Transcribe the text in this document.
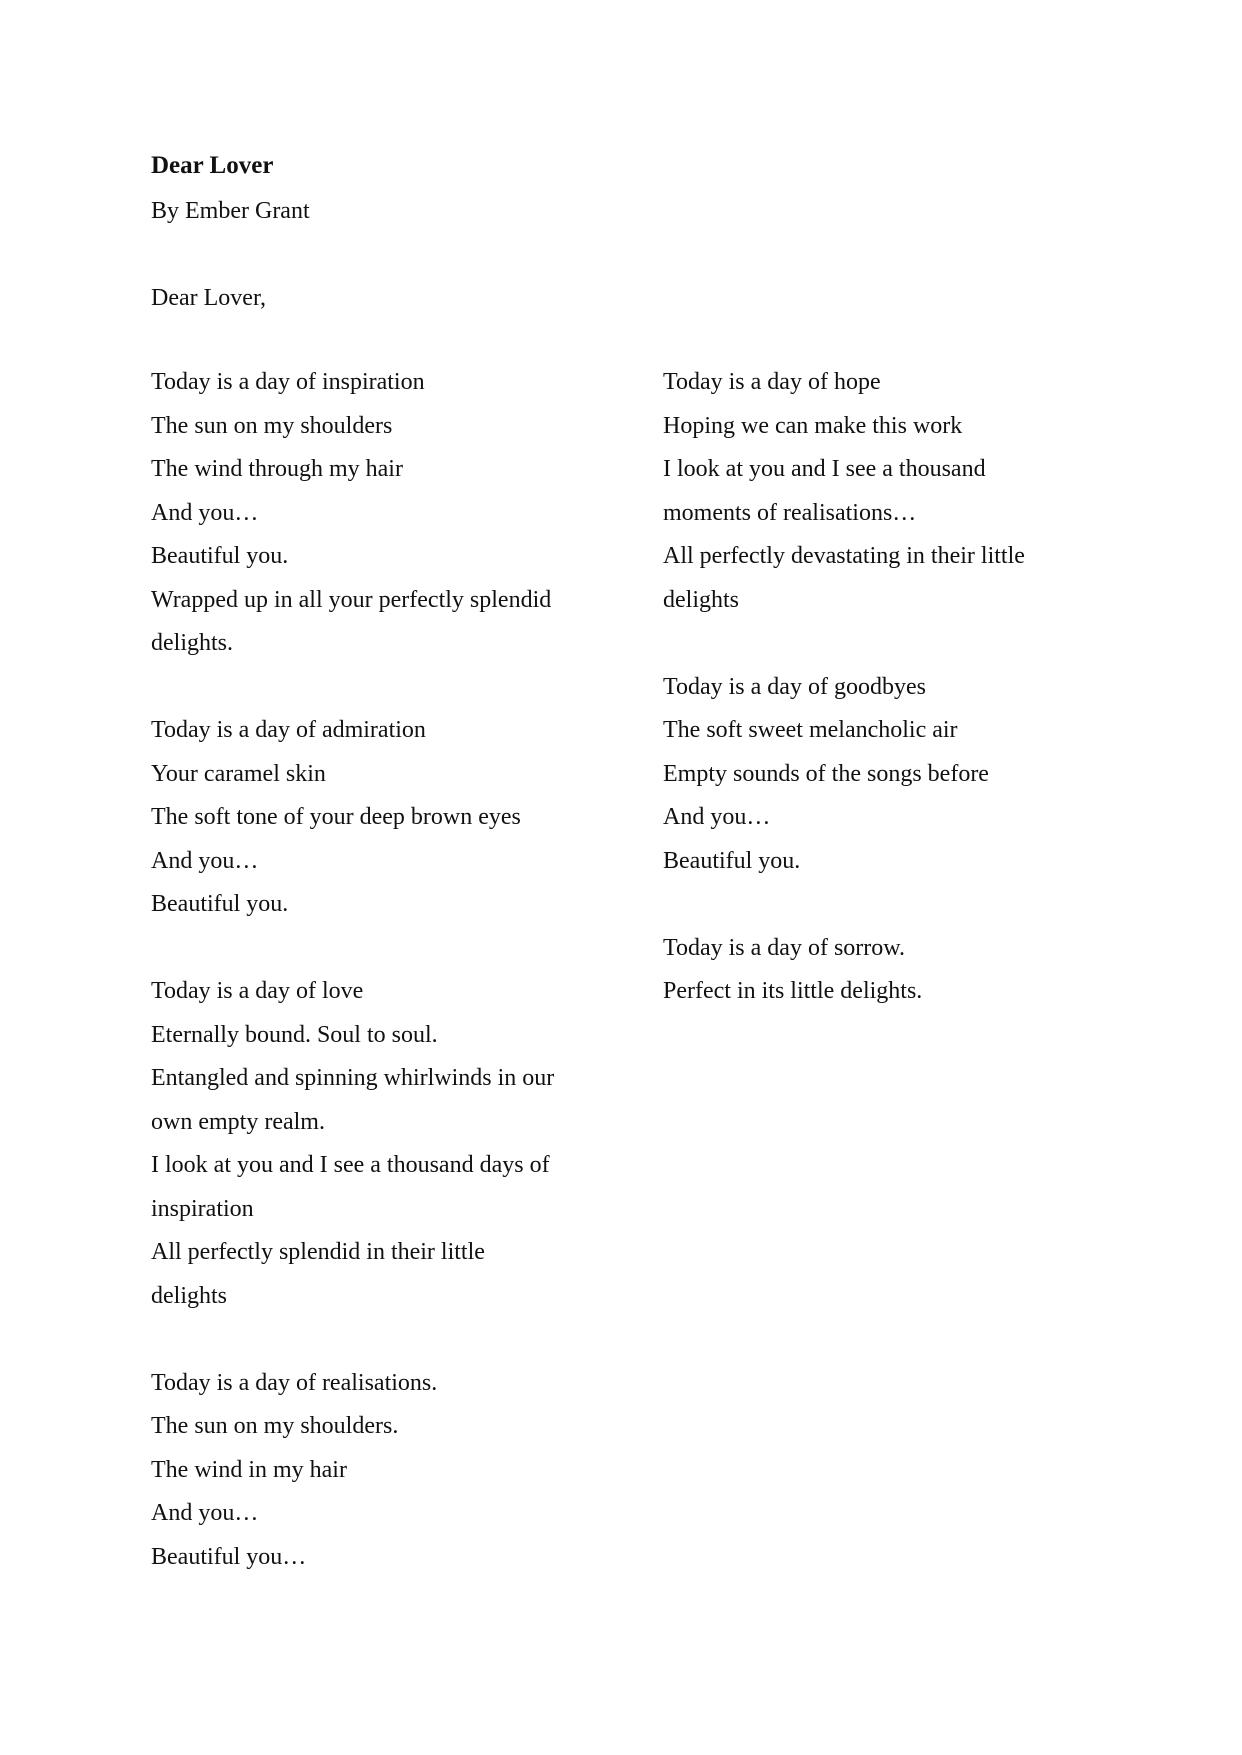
Dear Lover
By Ember Grant
Dear Lover,
Today is a day of inspiration
The sun on my shoulders
The wind through my hair
And you…
Beautiful you.
Wrapped up in all your perfectly splendid
delights.
Today is a day of admiration
Your caramel skin
The soft tone of your deep brown eyes
And you…
Beautiful you.
Today is a day of love
Eternally bound. Soul to soul.
Entangled and spinning whirlwinds in our
own empty realm.
I look at you and I see a thousand days of
inspiration
All perfectly splendid in their little
delights
Today is a day of realisations.
The sun on my shoulders.
The wind in my hair
And you…
Beautiful you…
Today is a day of hope
Hoping we can make this work
I look at you and I see a thousand
moments of realisations…
All perfectly devastating in their little
delights
Today is a day of goodbyes
The soft sweet melancholic air
Empty sounds of the songs before
And you…
Beautiful you.
Today is a day of sorrow.
Perfect in its little delights.
